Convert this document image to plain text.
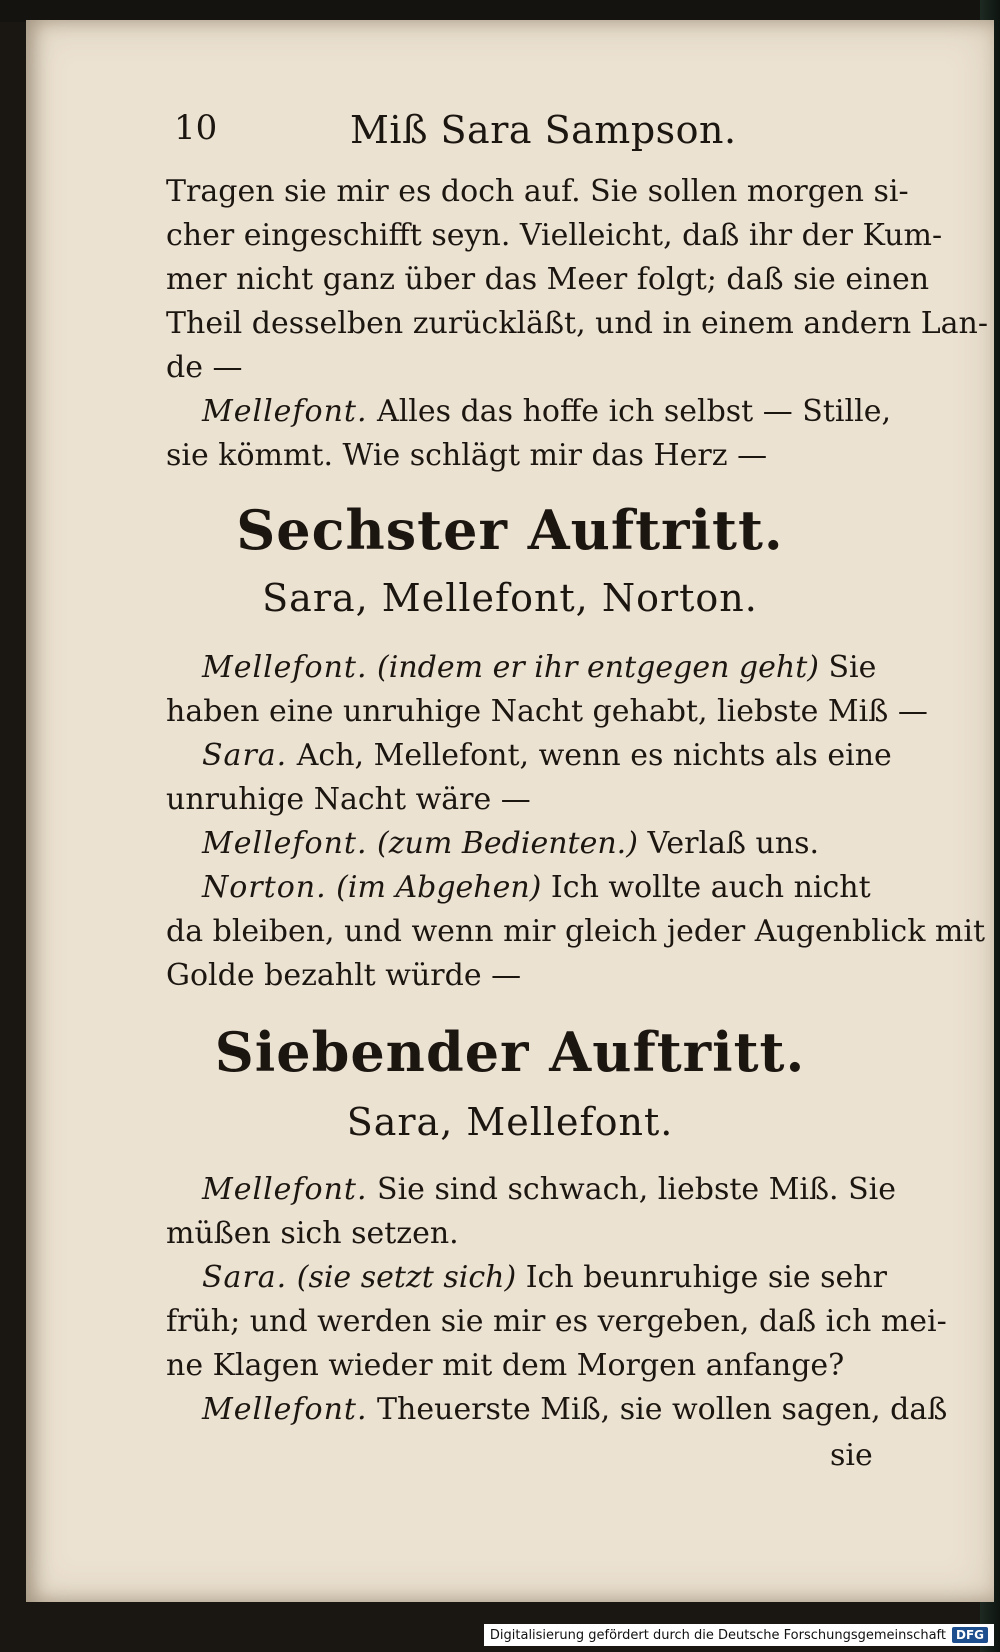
10	Miß Sara Sampson.
Tragen sie mir es doch auf. Sie sollen morgen si-
cher eingeschifft seyn. Vielleicht, daß ihr der Kum-
mer nicht ganz über das Meer folgt; daß sie einen
Theil desselben zurückläßt, und in einem andern Lan-
de —
Mellefont. Alles das hoffe ich selbst — Stille,
sie kömmt. Wie schlägt mir das Herz —
Sechster Auftritt.
Sara, Mellefont, Norton.
Mellefont. (indem er ihr entgegen geht) Sie
haben eine unruhige Nacht gehabt, liebste Miß —
Sara. Ach, Mellefont, wenn es nichts als eine
unruhige Nacht wäre —
Mellefont. (zum Bedienten.) Verlaß uns.
Norton. (im Abgehen) Ich wollte auch nicht
da bleiben, und wenn mir gleich jeder Augenblick mit
Golde bezahlt würde —
Siebender Auftritt.
Sara, Mellefont.
Mellefont. Sie sind schwach, liebste Miß. Sie
müßen sich setzen.
Sara. (sie setzt sich) Ich beunruhige sie sehr
früh; und werden sie mir es vergeben, daß ich mei-
ne Klagen wieder mit dem Morgen anfange?
Mellefont. Theuerste Miß, sie wollen sagen, daß
sie
Digitalisierung gefördert durch die Deutsche Forschungsgemeinschaft DFG
